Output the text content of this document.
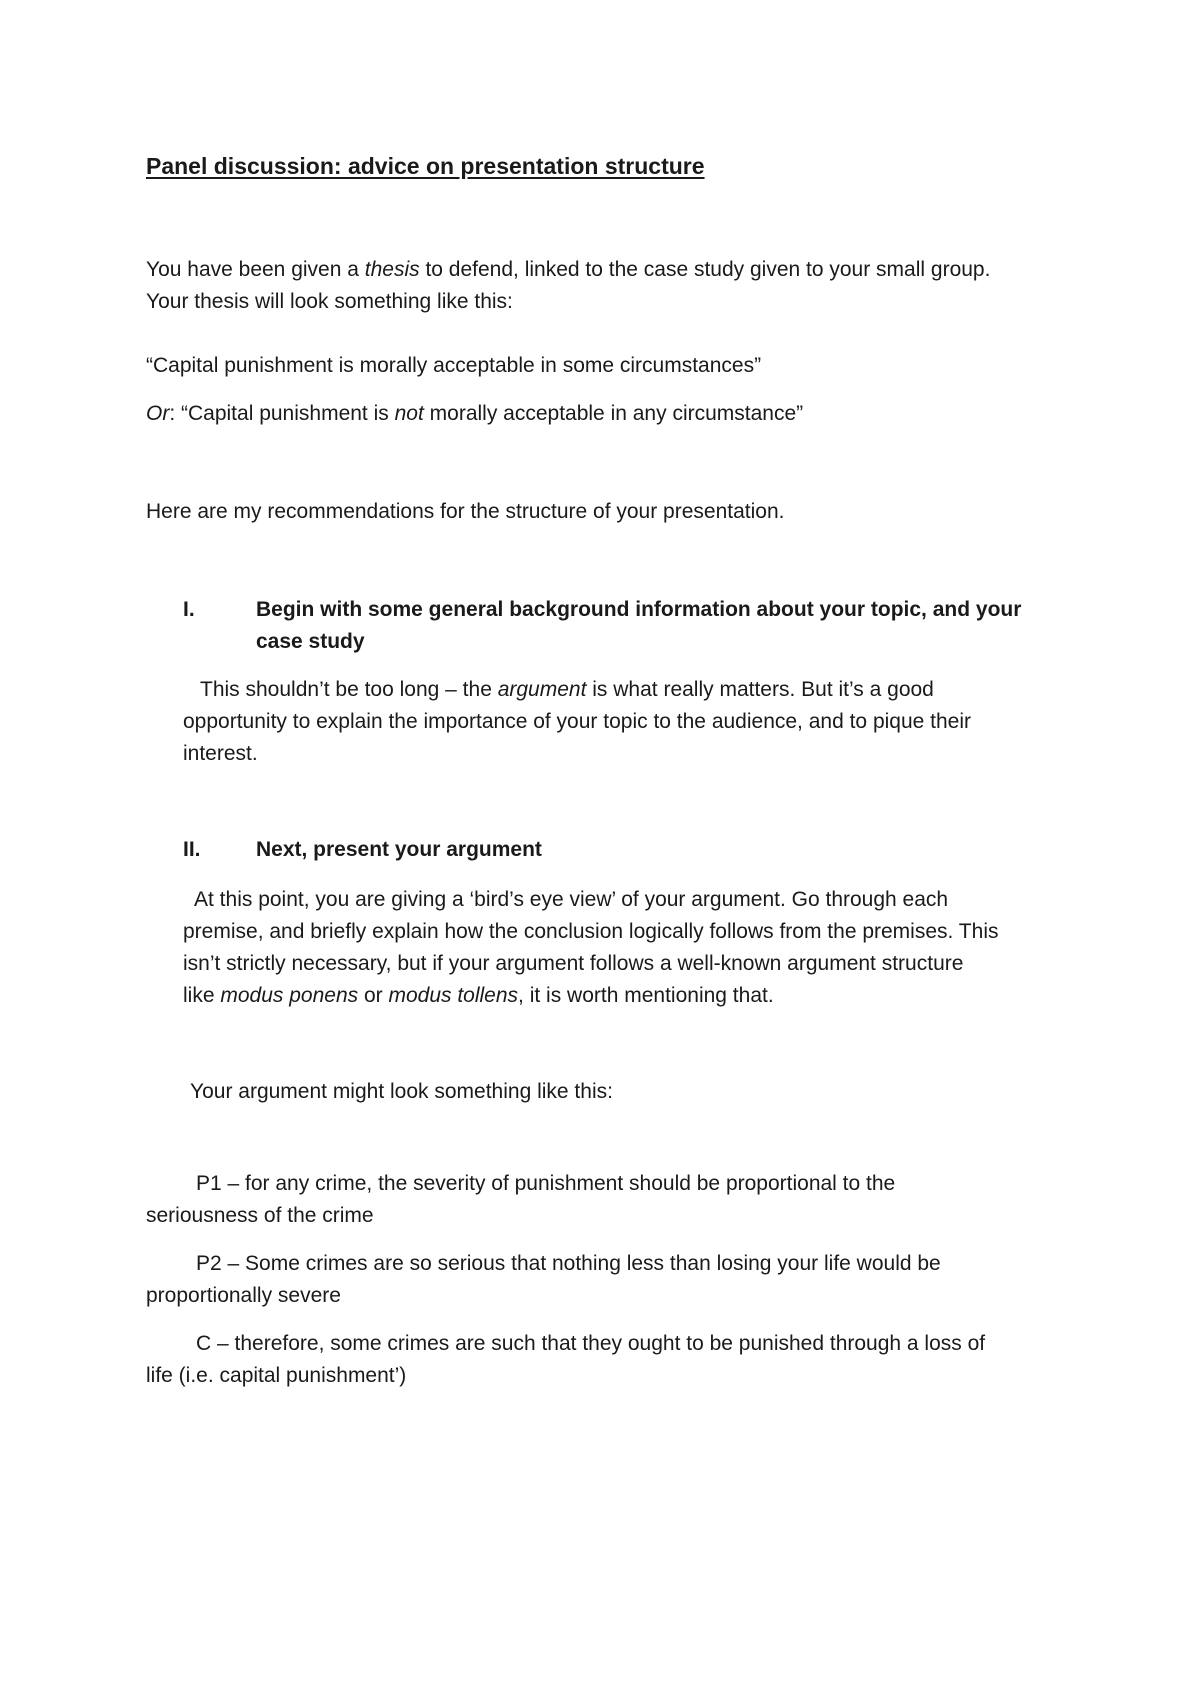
Panel discussion: advice on presentation structure
You have been given a thesis to defend, linked to the case study given to your small group.
Your thesis will look something like this:
“Capital punishment is morally acceptable in some circumstances”
Or: “Capital punishment is not morally acceptable in any circumstance”
Here are my recommendations for the structure of your presentation.
I.	Begin with some general background information about your topic, and your
case study
This shouldn’t be too long – the argument is what really matters. But it’s a good
opportunity to explain the importance of your topic to the audience, and to pique their
interest.
II.	Next, present your argument
At this point, you are giving a ‘bird’s eye view’ of your argument. Go through each
premise, and briefly explain how the conclusion logically follows from the premises. This
isn’t strictly necessary, but if your argument follows a well-known argument structure
like modus ponens or modus tollens, it is worth mentioning that.
Your argument might look something like this:
P1 – for any crime, the severity of punishment should be proportional to the
seriousness of the crime
P2 – Some crimes are so serious that nothing less than losing your life would be
proportionally severe
C – therefore, some crimes are such that they ought to be punished through a loss of
life (i.e. capital punishment’)
